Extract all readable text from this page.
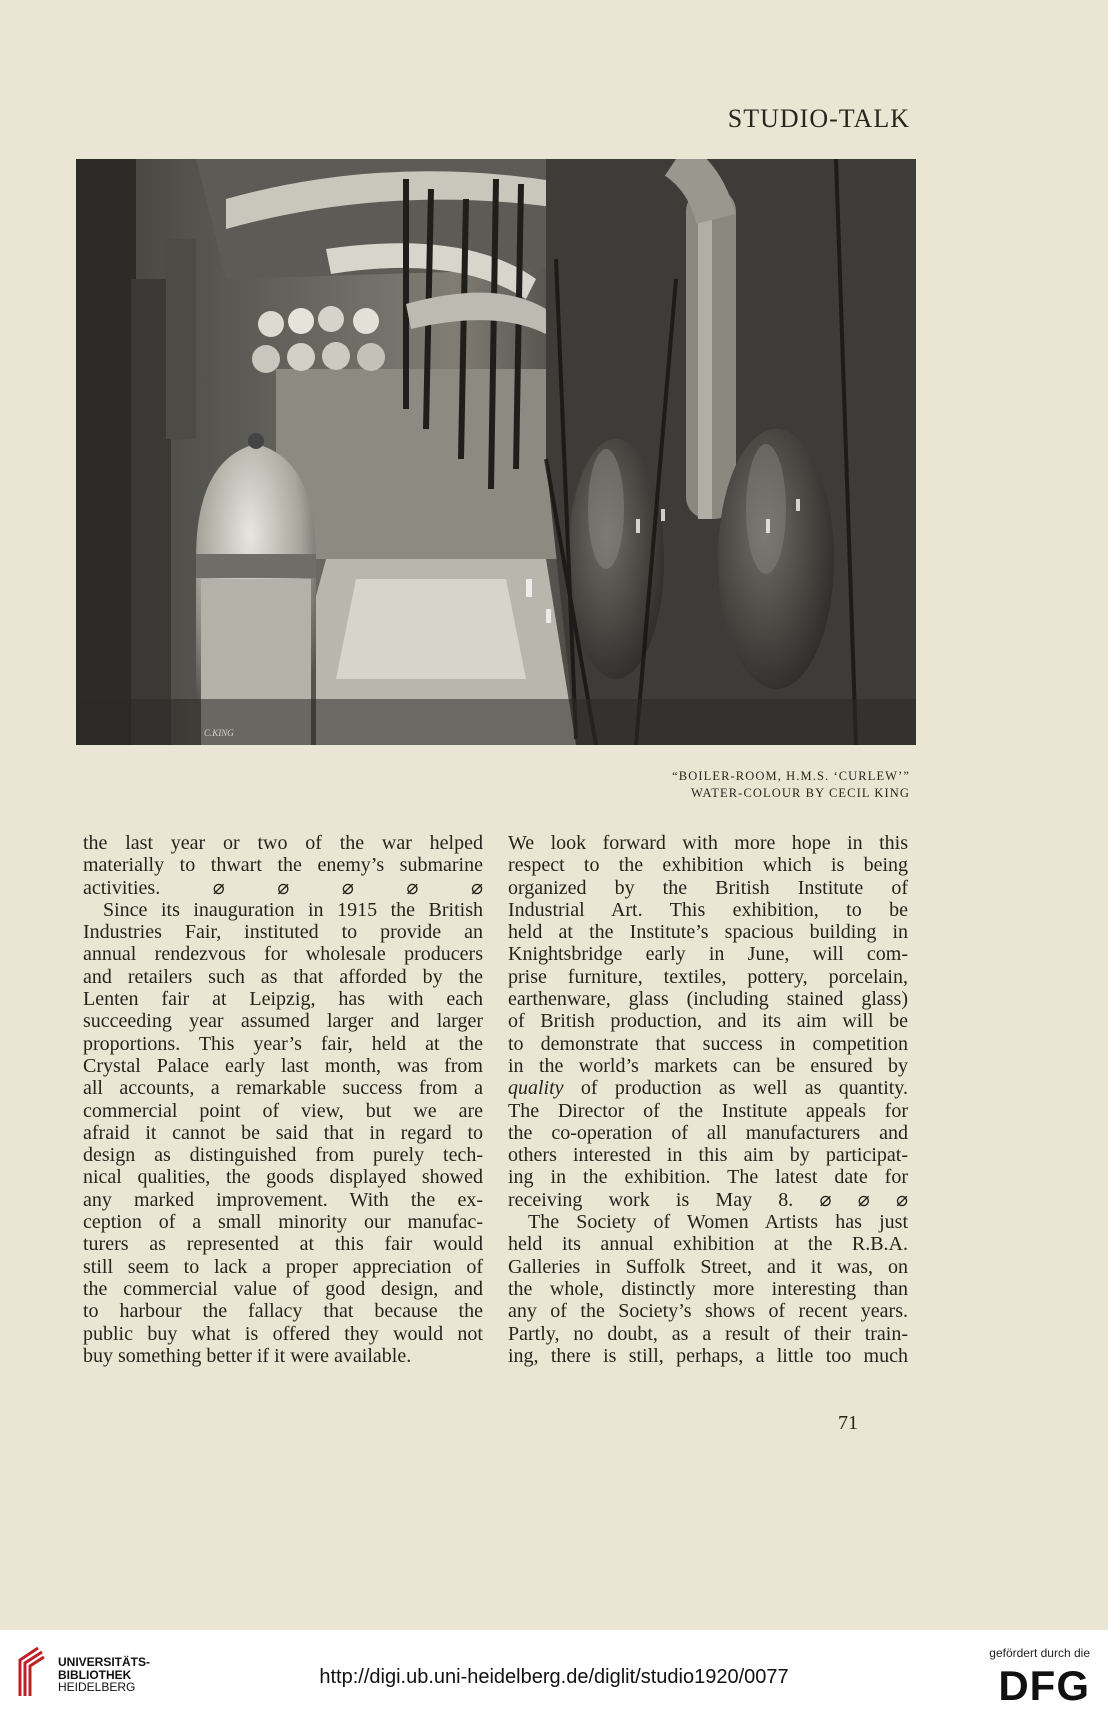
STUDIO-TALK

C.KING
“BOILER-ROOM, H.M.S. ‘CURLEW’”
WATER-COLOUR BY CECIL KING

the last year or two of the war helped

materially to thwart the enemy’s submarine

activities. ⌀ ⌀ ⌀ ⌀ ⌀

Since its inauguration in 1915 the British

Industries Fair, instituted to provide an

annual rendezvous for wholesale producers

and retailers such as that afforded by the

Lenten fair at Leipzig, has with each

succeeding year assumed larger and larger

proportions. This year’s fair, held at the

Crystal Palace early last month, was from

all accounts, a remarkable success from a

commercial point of view, but we are

afraid it cannot be said that in regard to

design as distinguished from purely tech-

nical qualities, the goods displayed showed

any marked improvement. With the ex-

ception of a small minority our manufac-

turers as represented at this fair would

still seem to lack a proper appreciation of

the commercial value of good design, and

to harbour the fallacy that because the

public buy what is offered they would not

buy something better if it were available.

We look forward with more hope in this

respect to the exhibition which is being

organized by the British Institute of

Industrial Art. This exhibition, to be

held at the Institute’s spacious building in

Knightsbridge early in June, will com-

prise furniture, textiles, pottery, porcelain,

earthenware, glass (including stained glass)

of British production, and its aim will be

to demonstrate that success in competition

in the world’s markets can be ensured by

quality of production as well as quantity.

The Director of the Institute appeals for

the co-operation of all manufacturers and

others interested in this aim by participat-

ing in the exhibition. The latest date for

receiving work is May 8. ⌀ ⌀ ⌀

The Society of Women Artists has just

held its annual exhibition at the R.B.A.

Galleries in Suffolk Street, and it was, on

the whole, distinctly more interesting than

any of the Society’s shows of recent years.

Partly, no doubt, as a result of their train-

ing, there is still, perhaps, a little too much

71
UNIVERSITÄTS-
BIBLIOTHEK
HEIDELBERG	http://digi.ub.uni-heidelberg.de/diglit/studio1920/0077
gefördert durch die
DFG
